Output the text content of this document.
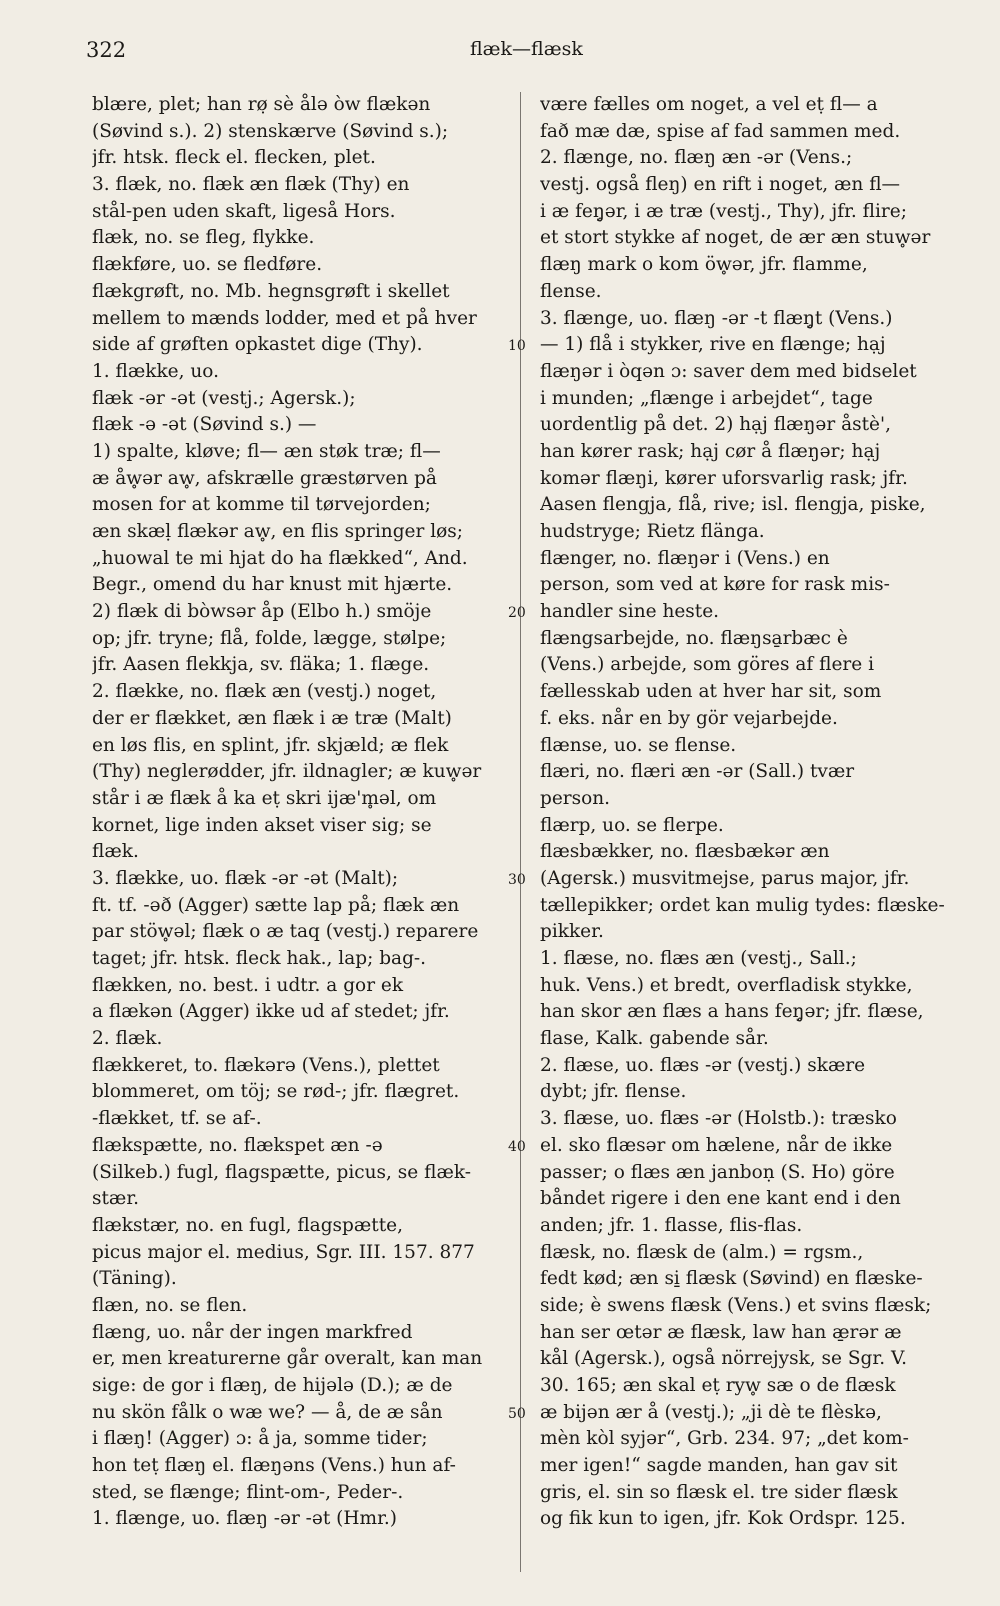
322	flæk—flæsk
blære, plet; han rø̣ sè ålə òw flækən
(Søvind s.). 2) stenskærve (Søvind s.);
jfr. htsk. fleck el. flecken, plet.
3. flæk, no. flæk æn flæk (Thy) en
stål-pen uden skaft, ligeså Hors.
flæk, no. se fleg, flykke.
flækføre, uo. se fledføre.
flækgrøft, no. Mb. hegnsgrøft i skellet
mellem to mænds lodder, med et på hver
side af grøften opkastet dige (Thy).
1. flække, uo.
flæk -ər -ət (vestj.; Agersk.);
flæk -ə -ət (Søvind s.) —
1) spalte, kløve; fl— æn støk træ; fl—
æ åw̥ər aw̥, afskrælle græstørven på
mosen for at komme til tørvejorden;
æn skæḷ flækər aw̥, en flis springer løs;
„huowal te mi hjat do ha flækked“, And.
Begr., omend du har knust mit hjærte.
2) flæk di bòwsər åp (Elbo h.) smöje
op; jfr. tryne; flå, folde, lægge, stølpe;
jfr. Aasen flekkja, sv. fläka; 1. flæge.
2. flække, no. flæk æn (vestj.) noget,
der er flækket, æn flæk i æ træ (Malt)
en løs flis, en splint, jfr. skjæld; æ flek
(Thy) neglerødder, jfr. ildnagler; æ kuw̥ər
står i æ flæk å ka eṭ skri ijæ'm̥əl, om
kornet, lige inden akset viser sig; se
flæk.
3. flække, uo. flæk -ər -ət (Malt);
ft. tf. -əð (Agger) sætte lap på; flæk æn
par stöw̥əl; flæk o æ taq (vestj.) reparere
taget; jfr. htsk. fleck hak., lap; bag-.
flækken, no. best. i udtr. a gor ek
a flækən (Agger) ikke ud af stedet; jfr.
2. flæk.
flækkeret, to. flækərə (Vens.), plettet
blommeret, om töj; se rød-; jfr. flægret.
-flækket, tf. se af-.
flækspætte, no. flækspet æn -ə
(Silkeb.) fugl, flagspætte, picus, se flæk-
stær.
flækstær, no. en fugl, flagspætte,
picus major el. medius, Sgr. III. 157. 877
(Täning).
flæn, no. se flen.
flæng, uo. når der ingen markfred
er, men kreaturerne går overalt, kan man
sige: de gor i flæŋ, de hijələ (D.); æ de
nu skön fålk o wæ we? — å, de æ sån
i flæŋ! (Agger) ɔ: å ja, somme tider;
hon teṭ flæŋ el. flæŋəns (Vens.) hun af-
sted, se flænge; flint-om-, Peder-.
1. flænge, uo. flæŋ -ər -ət (Hmr.)
være fælles om noget, a vel eṭ fl— a
fað mæ dæ, spise af fad sammen med.
2. flænge, no. flæŋ æn -ər (Vens.;
vestj. også fleŋ) en rift i noget, æn fl—
i æ feŋ̥ər, i æ træ (vestj., Thy), jfr. flire;
et stort stykke af noget, de ær æn stuw̥ər
flæŋ mark o kom öw̥ər, jfr. flamme,
flense.
3. flænge, uo. flæŋ -ər -t flæŋ̥t (Vens.)
— 1) flå i stykker, rive en flænge; hạj
flæŋər i òqən ɔ: saver dem med bidselet
i munden; „flænge i arbejdet“, tage
uordentlig på det. 2) hạj flæŋər åstè',
han kører rask; hạj cør å flæŋər; hạj
komər flæŋi, kører uforsvarlig rask; jfr.
Aasen flengja, flå, rive; isl. flengja, piske,
hudstryge; Rietz flänga.
flænger, no. flæŋər i (Vens.) en
person, som ved at køre for rask mis-
handler sine heste.
flængsarbejde, no. flæŋsa̱rbæc è
(Vens.) arbejde, som göres af flere i
fællesskab uden at hver har sit, som
f. eks. når en by gör vejarbejde.
flænse, uo. se flense.
flæri, no. flæri æn -ər (Sall.) tvær
person.
flærp, uo. se flerpe.
flæsbækker, no. flæsbækər æn
(Agersk.) musvitmejse, parus major, jfr.
tællepikker; ordet kan mulig tydes: flæske-
pikker.
1. flæse, no. flæs æn (vestj., Sall.;
huk. Vens.) et bredt, overfladisk stykke,
han skor æn flæs a hans feŋ̥ər; jfr. flæse,
flase, Kalk. gabende sår.
2. flæse, uo. flæs -ər (vestj.) skære
dybt; jfr. flense.
3. flæse, uo. flæs -ər (Holstb.): træsko
el. sko flæsər om hælene, når de ikke
passer; o flæs æn janboṇ (S. Ho) göre
båndet rigere i den ene kant end i den
anden; jfr. 1. flasse, flis-flas.
flæsk, no. flæsk de (alm.) = rgsm.,
fedt kød; æn si̱ flæsk (Søvind) en flæske-
side; è swens flæsk (Vens.) et svins flæsk;
han ser œtər æ flæsk, law han æ̱rər æ
kål (Agersk.), også nörrejysk, se Sgr. V.
30. 165; æn skal eṭ ryw̥ sæ o de flæsk
æ bijən ær å (vestj.); „ji dè te flèskə,
mèn kòl syjər“, Grb. 234. 97; „det kom-
mer igen!“ sagde manden, han gav sit
gris, el. sin so flæsk el. tre sider flæsk
og fik kun to igen, jfr. Kok Ordspr. 125.
10
20
30
40
50
